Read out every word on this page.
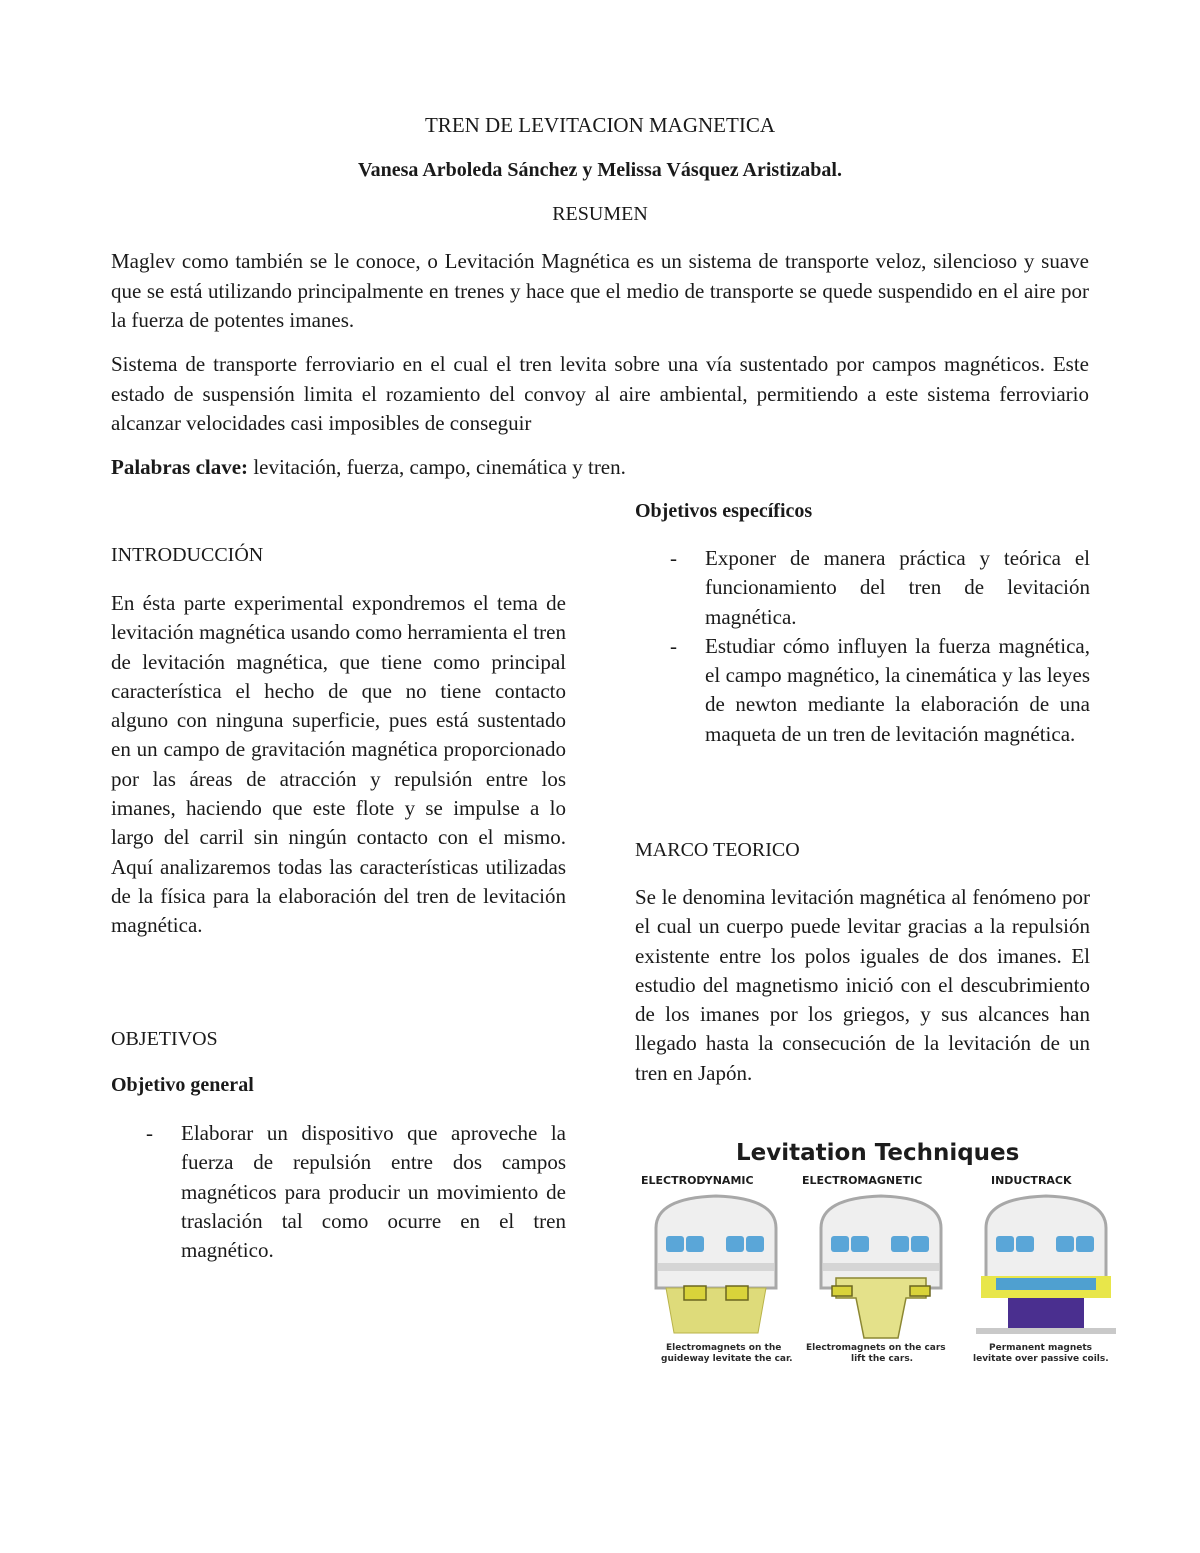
TREN DE LEVITACION MAGNETICA
Vanesa Arboleda Sánchez y Melissa Vásquez Aristizabal.
RESUMEN

Maglev como también se le conoce, o Levitación Magnética es un sistema de transporte veloz, silencioso y suave que se está utilizando principalmente en trenes y hace que el medio de transporte se quede suspendido en el aire por la fuerza de potentes imanes.

Sistema de transporte ferroviario en el cual el tren levita sobre una vía sustentado por campos magnéticos. Este estado de suspensión limita el rozamiento del convoy al aire ambiental, permitiendo a este sistema ferroviario alcanzar velocidades casi imposibles de conseguir

Palabras clave: levitación, fuerza, campo, cinemática y tren.

INTRODUCCIÓN

En ésta parte experimental expondremos el tema de levitación magnética usando como herramienta el tren de levitación magnética, que tiene como principal característica el hecho de que no tiene contacto alguno con ninguna superficie, pues está sustentado en un campo de gravitación magnética proporcionado por las áreas de atracción y repulsión entre los imanes, haciendo que este flote y se impulse a lo largo del carril sin ningún contacto con el mismo. Aquí analizaremos todas las características utilizadas de la física para la elaboración del tren de levitación magnética.

OBJETIVOS
Objetivo general
- Elaborar un dispositivo que aproveche la fuerza de repulsión entre dos campos magnéticos para producir un movimiento de traslación tal como ocurre en el tren magnético.
Objetivos específicos
- Exponer de manera práctica y teórica el funcionamiento del tren de levitación magnética.
- Estudiar cómo influyen la fuerza magnética, el campo magnético, la cinemática y las leyes de newton mediante la elaboración de una maqueta de un tren de levitación magnética.
MARCO TEORICO

Se le denomina levitación magnética al fenómeno por el cual un cuerpo puede levitar gracias a la repulsión existente entre los polos iguales de dos imanes. El estudio del magnetismo inició con el descubrimiento de los imanes por los griegos, y sus alcances han llegado hasta la consecución de la levitación de un tren en Japón.

Levitation Techniques
ELECTRODYNAMIC
Electromagnets on the
guideway levitate the car.
ELECTROMAGNETIC
Electromagnets on the cars
lift the cars.
INDUCTRACK
Permanent magnets
levitate over passive coils.
